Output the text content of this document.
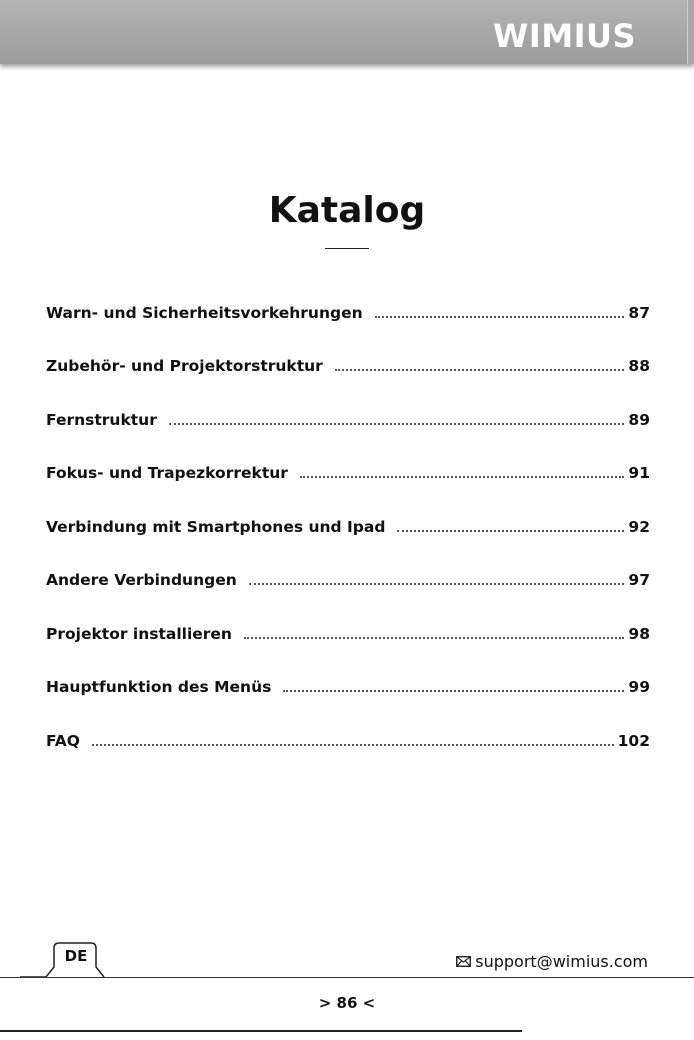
WIMIUS
Katalog
Warn- und Sicherheitsvorkehrungen	87
Zubehör- und Projektorstruktur	88
Fernstruktur	89
Fokus- und Trapezkorrektur	91
Verbindung mit Smartphones und Ipad	92
Andere Verbindungen	97
Projektor installieren	98
Hauptfunktion des Menüs	99
FAQ	102
DE	support@wimius.com
> 86 <
